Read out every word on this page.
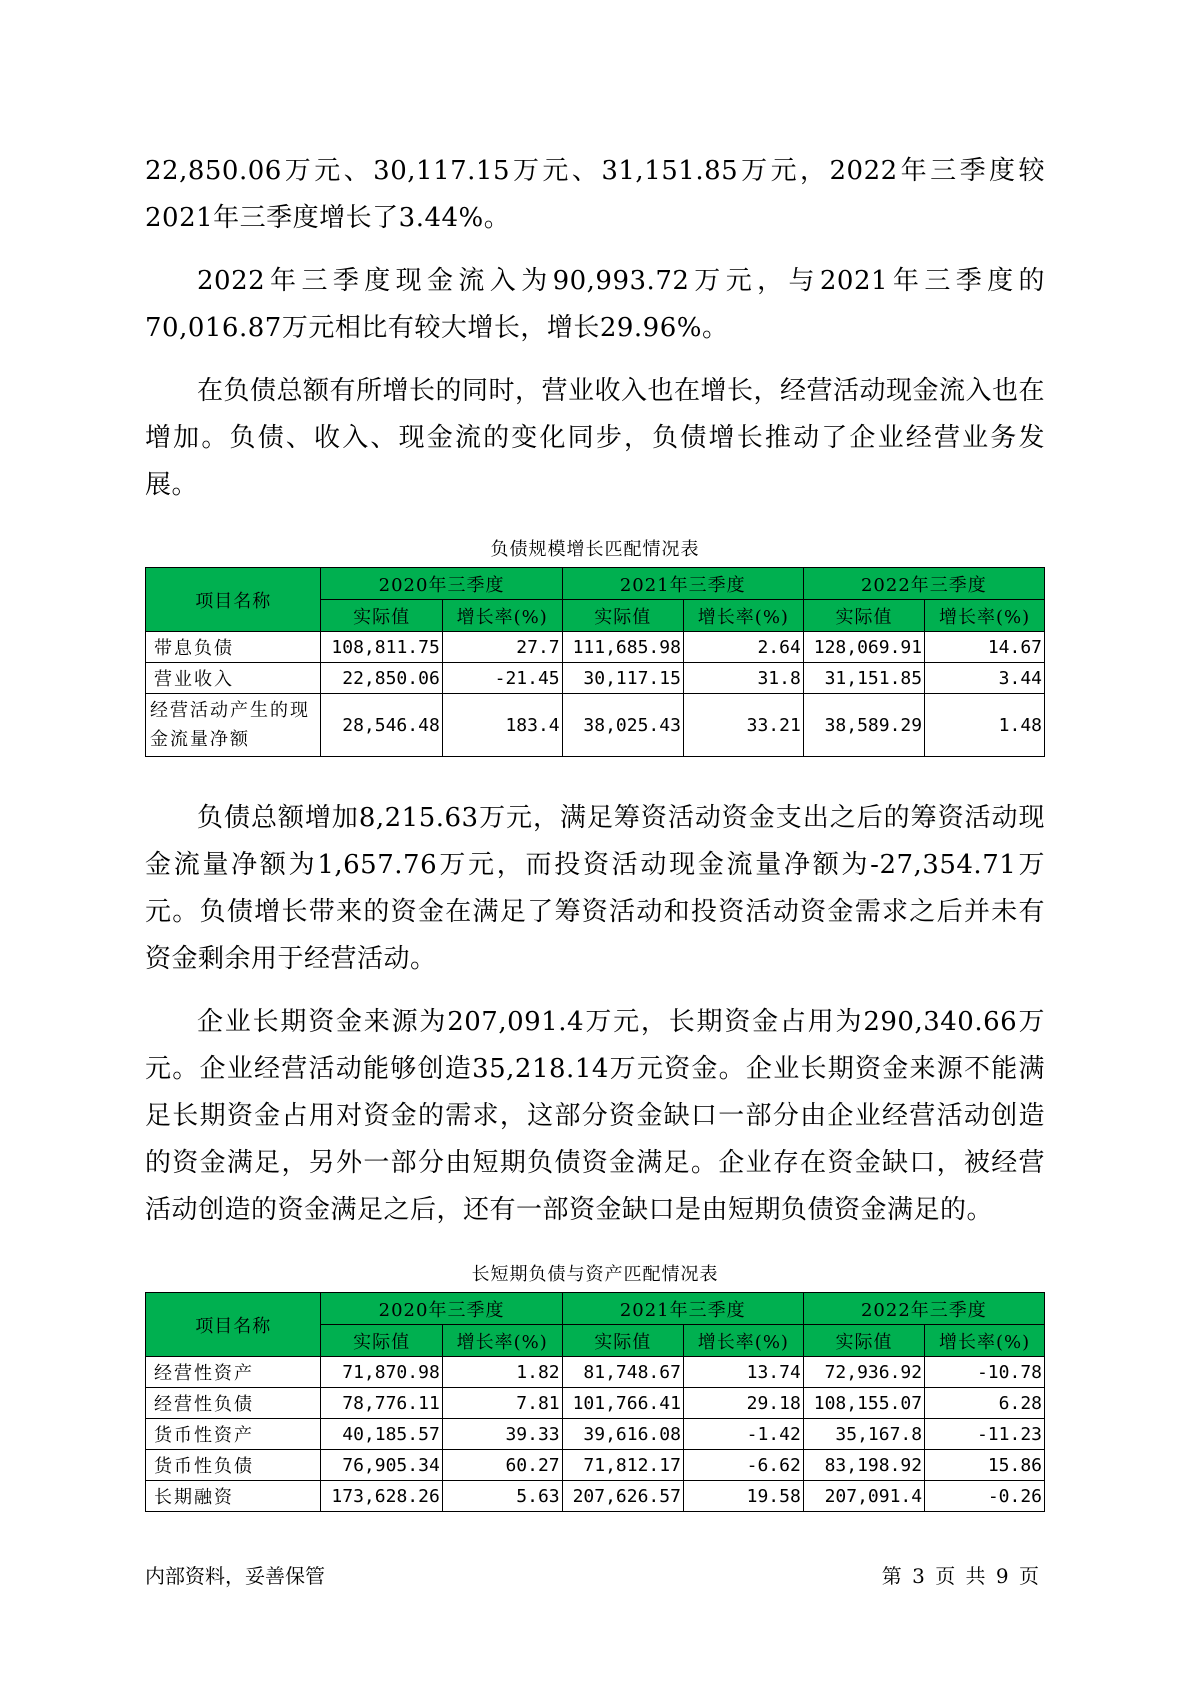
22,850.06万元、30,117.15万元、31,151.85万元，2022年三季度较2021年三季度增长了3.44%。

2022年三季度现金流入为90,993.72万元，与2021年三季度的70,016.87万元相比有较大增长，增长29.96%。

在负债总额有所增长的同时，营业收入也在增长，经营活动现金流入也在增加。负债、收入、现金流的变化同步，负债增长推动了企业经营业务发展。

负债规模增长匹配情况表

项目名称	2020年三季度		2021年三季度		2022年三季度	
	实际值	增长率(%)	实际值	增长率(%)	实际值	增长率(%)
带息负债	108,811.75	27.7	111,685.98	2.64	128,069.91	14.67
营业收入	22,850.06	-21.45	30,117.15	31.8	31,151.85	3.44
经营活动产生的现金流量净额	28,546.48	183.4	38,025.43	33.21	38,589.29	1.48

负债总额增加8,215.63万元，满足筹资活动资金支出之后的筹资活动现金流量净额为1,657.76万元，而投资活动现金流量净额为-27,354.71万元。负债增长带来的资金在满足了筹资活动和投资活动资金需求之后并未有资金剩余用于经营活动。

企业长期资金来源为207,091.4万元，长期资金占用为290,340.66万元。企业经营活动能够创造35,218.14万元资金。企业长期资金来源不能满足长期资金占用对资金的需求，这部分资金缺口一部分由企业经营活动创造的资金满足，另外一部分由短期负债资金满足。企业存在资金缺口，被经营活动创造的资金满足之后，还有一部资金缺口是由短期负债资金满足的。

长短期负债与资产匹配情况表

项目名称	2020年三季度		2021年三季度		2022年三季度	
	实际值	增长率(%)	实际值	增长率(%)	实际值	增长率(%)
经营性资产	71,870.98	1.82	81,748.67	13.74	72,936.92	-10.78
经营性负债	78,776.11	7.81	101,766.41	29.18	108,155.07	6.28
货币性资产	40,185.57	39.33	39,616.08	-1.42	35,167.8	-11.23
货币性负债	76,905.34	60.27	71,812.17	-6.62	83,198.92	15.86
长期融资	173,628.26	5.63	207,626.57	19.58	207,091.4	-0.26
内部资料，妥善保管	第 3 页 共 9 页
